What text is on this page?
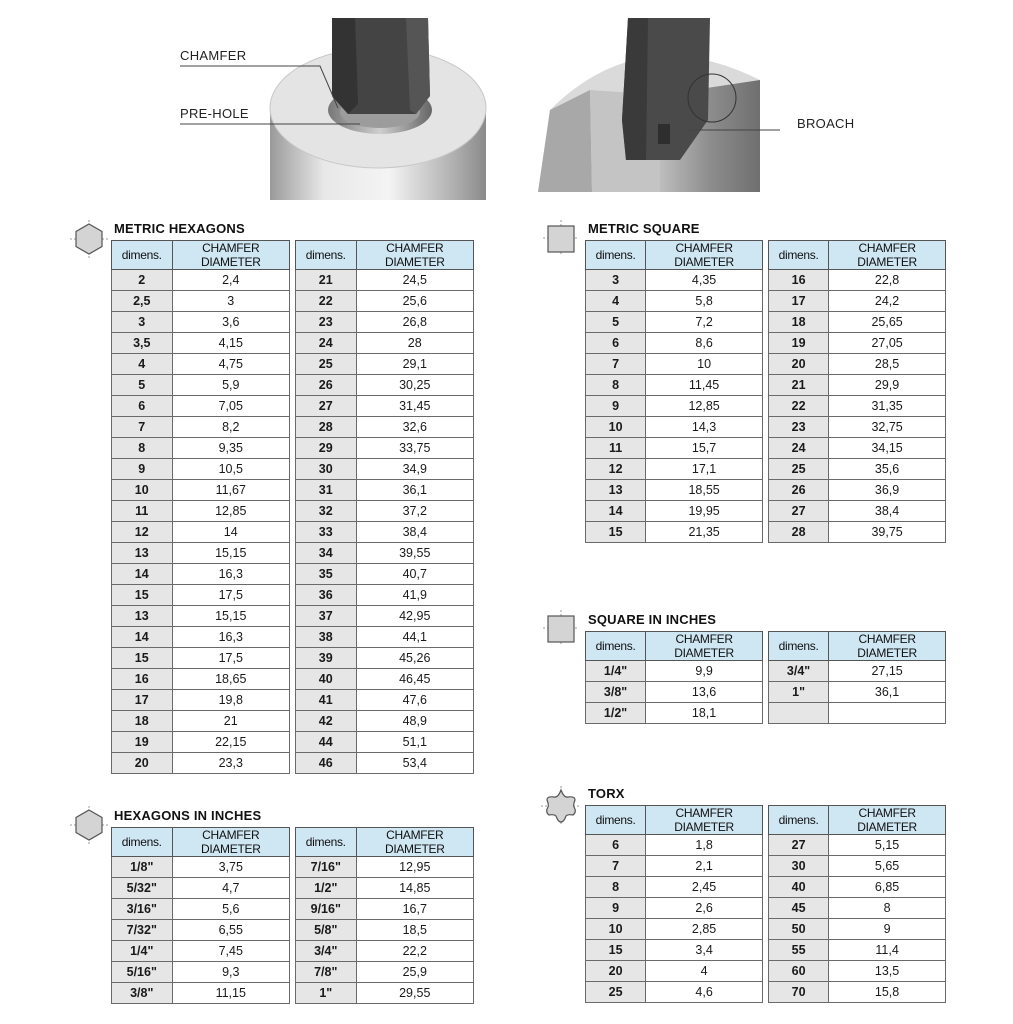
CHAMFER
PRE-HOLE
BROACH
METRIC HEXAGONS
HEXAGONS IN INCHES
METRIC SQUARE
SQUARE IN INCHES
TORX
dimens.	CHAMFER DIAMETER
2	2,4
2,5	3
3	3,6
3,5	4,15
4	4,75
5	5,9
6	7,05
7	8,2
8	9,35
9	10,5
10	11,67
11	12,85
12	14
13	15,15
14	16,3
15	17,5
13	15,15
14	16,3
15	17,5
16	18,65
17	19,8
18	21
19	22,15
20	23,3
dimens.	CHAMFER DIAMETER
21	24,5
22	25,6
23	26,8
24	28
25	29,1
26	30,25
27	31,45
28	32,6
29	33,75
30	34,9
31	36,1
32	37,2
33	38,4
34	39,55
35	40,7
36	41,9
37	42,95
38	44,1
39	45,26
40	46,45
41	47,6
42	48,9
44	51,1
46	53,4
dimens.	CHAMFER DIAMETER
1/8"	3,75
5/32"	4,7
3/16"	5,6
7/32"	6,55
1/4"	7,45
5/16"	9,3
3/8"	11,15
dimens.	CHAMFER DIAMETER
7/16"	12,95
1/2"	14,85
9/16"	16,7
5/8"	18,5
3/4"	22,2
7/8"	25,9
1"	29,55
dimens.	CHAMFER DIAMETER
3	4,35
4	5,8
5	7,2
6	8,6
7	10
8	11,45
9	12,85
10	14,3
11	15,7
12	17,1
13	18,55
14	19,95
15	21,35
dimens.	CHAMFER DIAMETER
16	22,8
17	24,2
18	25,65
19	27,05
20	28,5
21	29,9
22	31,35
23	32,75
24	34,15
25	35,6
26	36,9
27	38,4
28	39,75
dimens.	CHAMFER DIAMETER
1/4"	9,9
3/8"	13,6
1/2"	18,1
dimens.	CHAMFER DIAMETER
3/4"	27,15
1"	36,1

dimens.	CHAMFER DIAMETER
6	1,8
7	2,1
8	2,45
9	2,6
10	2,85
15	3,4
20	4
25	4,6
dimens.	CHAMFER DIAMETER
27	5,15
30	5,65
40	6,85
45	8
50	9
55	11,4
60	13,5
70	15,8
